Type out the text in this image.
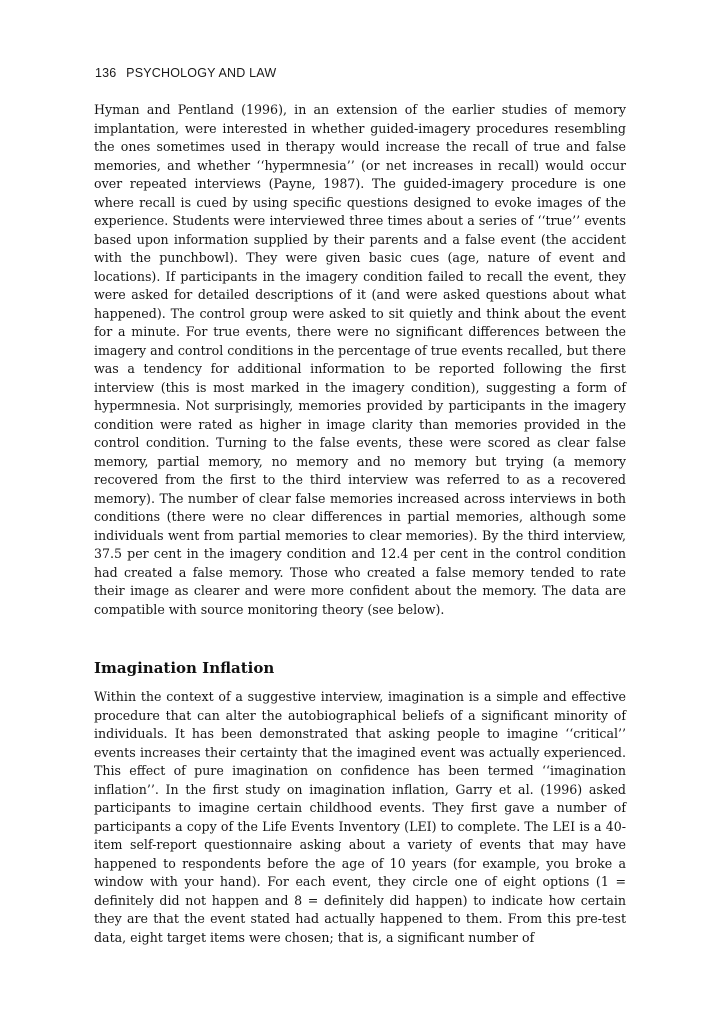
136 PSYCHOLOGY AND LAW

Hyman and Pentland (1996), in an extension of the earlier studies of memory implantation, were interested in whether guided-imagery procedures resembling the ones sometimes used in therapy would increase the recall of true and false memories, and whether ‘‘hypermnesia’’ (or net increases in recall) would occur over repeated interviews (Payne, 1987). The guided-imagery procedure is one where recall is cued by using specific questions designed to evoke images of the experience. Students were interviewed three times about a series of ‘‘true’’ events based upon information supplied by their parents and a false event (the accident with the punchbowl). They were given basic cues (age, nature of event and locations). If participants in the imagery condition failed to recall the event, they were asked for detailed descriptions of it (and were asked questions about what happened). The control group were asked to sit quietly and think about the event for a minute. For true events, there were no significant differences between the imagery and control conditions in the percentage of true events recalled, but there was a tendency for additional information to be reported following the first interview (this is most marked in the imagery condition), suggesting a form of hypermnesia. Not surprisingly, memories provided by participants in the imagery condition were rated as higher in image clarity than memories provided in the control condition. Turning to the false events, these were scored as clear false memory, partial memory, no memory and no memory but trying (a memory recovered from the first to the third interview was referred to as a recovered memory). The number of clear false memories increased across interviews in both conditions (there were no clear differences in partial memories, although some individuals went from partial memories to clear memories). By the third interview, 37.5 per cent in the imagery condition and 12.4 per cent in the control condition had created a false memory. Those who created a false memory tended to rate their image as clearer and were more confident about the memory. The data are compatible with source monitoring theory (see below).

Imagination Inflation

Within the context of a suggestive interview, imagination is a simple and effective procedure that can alter the autobiographical beliefs of a significant minority of individuals. It has been demonstrated that asking people to imagine ‘‘critical’’ events increases their certainty that the imagined event was actually experienced. This effect of pure imagination on confidence has been termed ‘‘imagination inflation’’. In the first study on imagination inflation, Garry et al. (1996) asked participants to imagine certain childhood events. They first gave a number of participants a copy of the Life Events Inventory (LEI) to complete. The LEI is a 40-item self-report questionnaire asking about a variety of events that may have happened to respondents before the age of 10 years (for example, you broke a window with your hand). For each event, they circle one of eight options (1 = definitely did not happen and 8 = definitely did happen) to indicate how certain they are that the event stated had actually happened to them. From this pre-test data, eight target items were chosen; that is, a significant number of
